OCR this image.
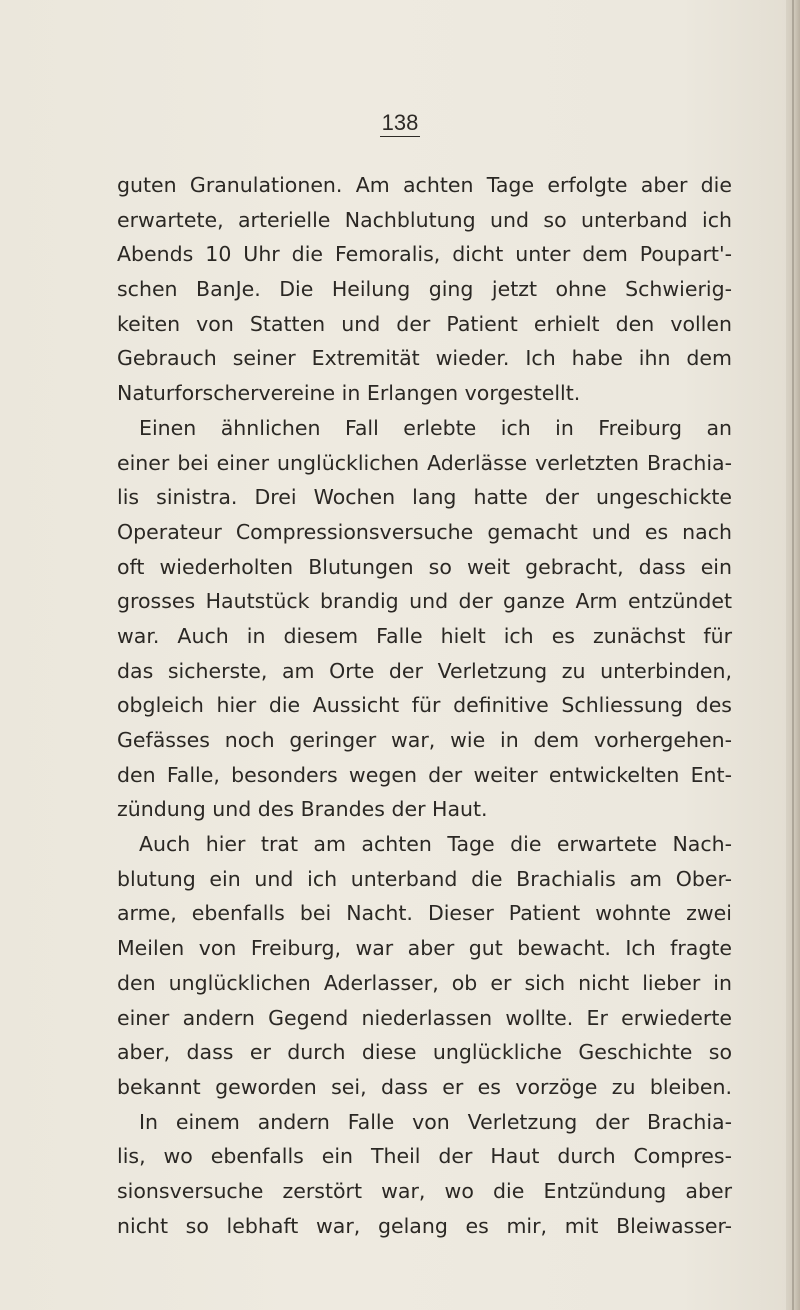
138
guten Granulationen. Am achten Tage erfolgte aber die
erwartete, arterielle Nachblutung und so unterband ich
Abends 10 Uhr die Femoralis, dicht unter dem Poupart'-
schen BanJe. Die Heilung ging jetzt ohne Schwierig-
keiten von Statten und der Patient erhielt den vollen
Gebrauch seiner Extremität wieder. Ich habe ihn dem
Naturforschervereine in Erlangen vorgestellt.
Einen ähnlichen Fall erlebte ich in Freiburg an
einer bei einer unglücklichen Aderlässe verletzten Brachia-
lis sinistra. Drei Wochen lang hatte der ungeschickte
Operateur Compressionsversuche gemacht und es nach
oft wiederholten Blutungen so weit gebracht, dass ein
grosses Hautstück brandig und der ganze Arm entzündet
war. Auch in diesem Falle hielt ich es zunächst für
das sicherste, am Orte der Verletzung zu unterbinden,
obgleich hier die Aussicht für definitive Schliessung des
Gefässes noch geringer war, wie in dem vorhergehen-
den Falle, besonders wegen der weiter entwickelten Ent-
zündung und des Brandes der Haut.
Auch hier trat am achten Tage die erwartete Nach-
blutung ein und ich unterband die Brachialis am Ober-
arme, ebenfalls bei Nacht. Dieser Patient wohnte zwei
Meilen von Freiburg, war aber gut bewacht. Ich fragte
den unglücklichen Aderlasser, ob er sich nicht lieber in
einer andern Gegend niederlassen wollte. Er erwiederte
aber, dass er durch diese unglückliche Geschichte so
bekannt geworden sei, dass er es vorzöge zu bleiben.
In einem andern Falle von Verletzung der Brachia-
lis, wo ebenfalls ein Theil der Haut durch Compres-
sionsversuche zerstört war, wo die Entzündung aber
nicht so lebhaft war, gelang es mir, mit Bleiwasser-
